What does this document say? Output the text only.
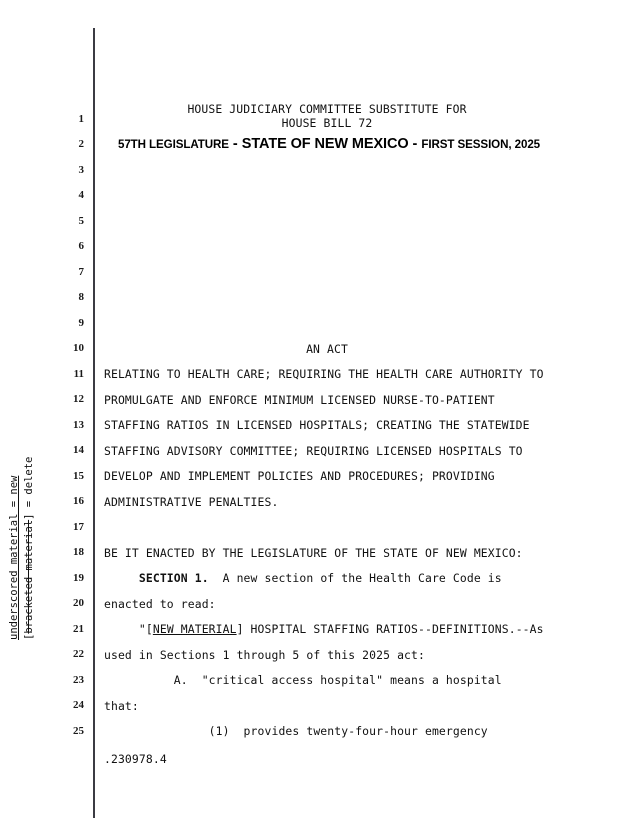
underscored material = new [bracketed material] = delete
1
2
3
4
5
6
7
8
9
10
11
12
13
14
15
16
17
18
19
20
21
22
23
24
25
HOUSE JUDICIARY COMMITTEE SUBSTITUTE FOR
HOUSE BILL 72
57TH LEGISLATURE - STATE OF NEW MEXICO - FIRST SESSION, 2025
AN ACT
RELATING TO HEALTH CARE; REQUIRING THE HEALTH CARE AUTHORITY TO
PROMULGATE AND ENFORCE MINIMUM LICENSED NURSE-TO-PATIENT
STAFFING RATIOS IN LICENSED HOSPITALS; CREATING THE STATEWIDE
STAFFING ADVISORY COMMITTEE; REQUIRING LICENSED HOSPITALS TO
DEVELOP AND IMPLEMENT POLICIES AND PROCEDURES; PROVIDING
ADMINISTRATIVE PENALTIES.
BE IT ENACTED BY THE LEGISLATURE OF THE STATE OF NEW MEXICO:
SECTION 1.  A new section of the Health Care Code is
enacted to read:
"[NEW MATERIAL] HOSPITAL STAFFING RATIOS--DEFINITIONS.--As
used in Sections 1 through 5 of this 2025 act:
A.  "critical access hospital" means a hospital
that:
(1)  provides twenty-four-hour emergency
.230978.4
